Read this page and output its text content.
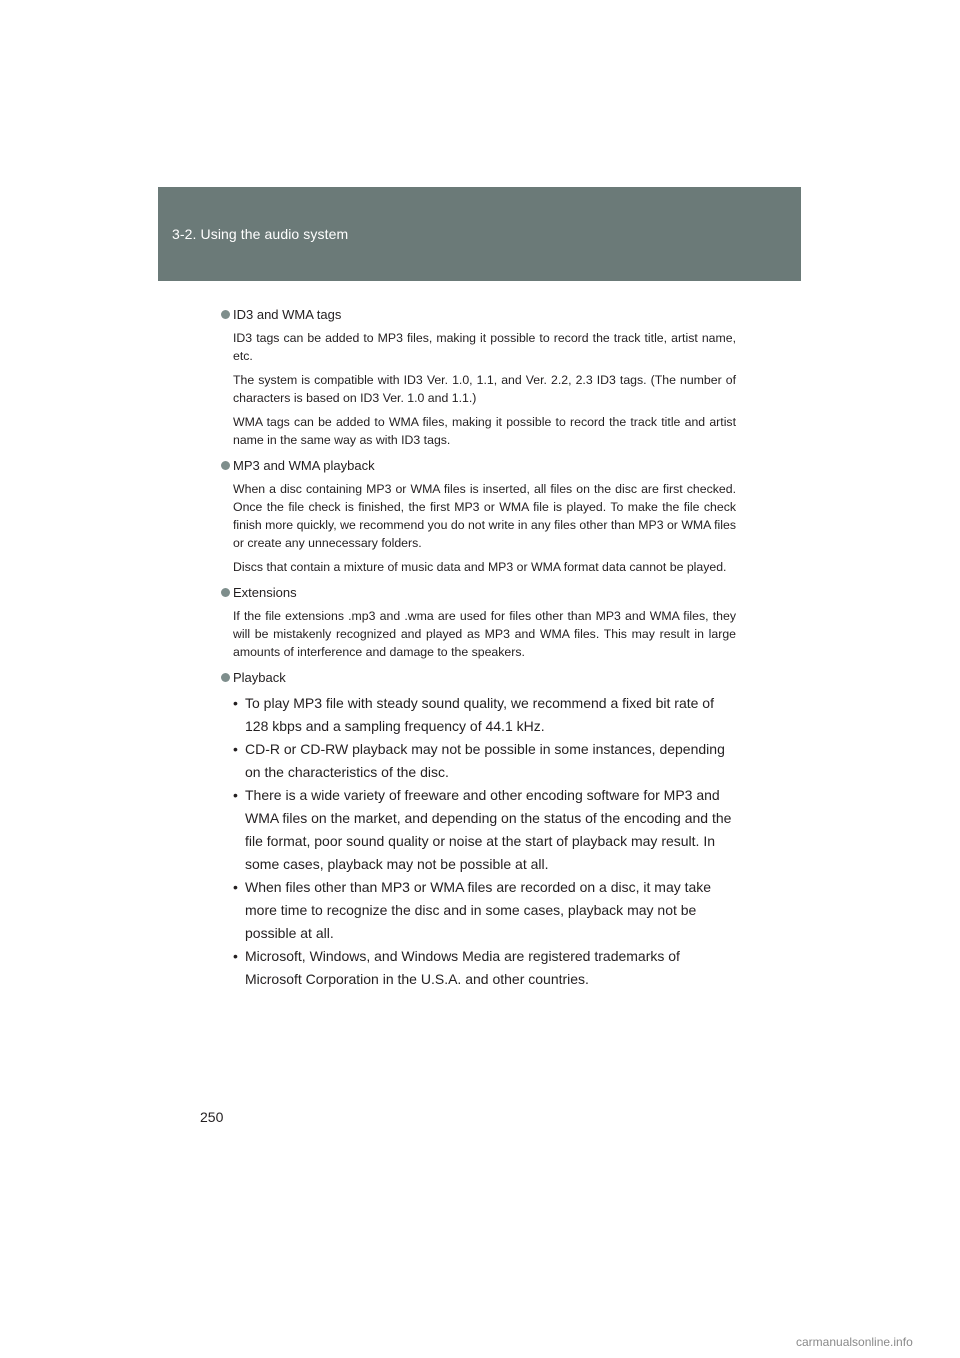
3-2. Using the audio system
ID3 and WMA tags

ID3 tags can be added to MP3 files, making it possible to record the track title, artist name, etc.

The system is compatible with ID3 Ver. 1.0, 1.1, and Ver. 2.2, 2.3 ID3 tags. (The number of characters is based on ID3 Ver. 1.0 and 1.1.)

WMA tags can be added to WMA files, making it possible to record the track title and artist name in the same way as with ID3 tags.

MP3 and WMA playback

When a disc containing MP3 or WMA files is inserted, all files on the disc are first checked. Once the file check is finished, the first MP3 or WMA file is played. To make the file check finish more quickly, we recommend you do not write in any files other than MP3 or WMA files or create any unnecessary folders.

Discs that contain a mixture of music data and MP3 or WMA format data cannot be played.

Extensions

If the file extensions .mp3 and .wma are used for files other than MP3 and WMA files, they will be mistakenly recognized and played as MP3 and WMA files. This may result in large amounts of interference and damage to the speakers.

Playback
• To play MP3 file with steady sound quality, we recommend a fixed bit rate of 128 kbps and a sampling frequency of 44.1 kHz.
• CD-R or CD-RW playback may not be possible in some instances, depending on the characteristics of the disc.
• There is a wide variety of freeware and other encoding software for MP3 and WMA files on the market, and depending on the status of the encoding and the file format, poor sound quality or noise at the start of playback may result. In some cases, playback may not be possible at all.
• When files other than MP3 or WMA files are recorded on a disc, it may take more time to recognize the disc and in some cases, playback may not be possible at all.
• Microsoft, Windows, and Windows Media are registered trademarks of Microsoft Corporation in the U.S.A. and other countries.
250
carmanualsonline.info
